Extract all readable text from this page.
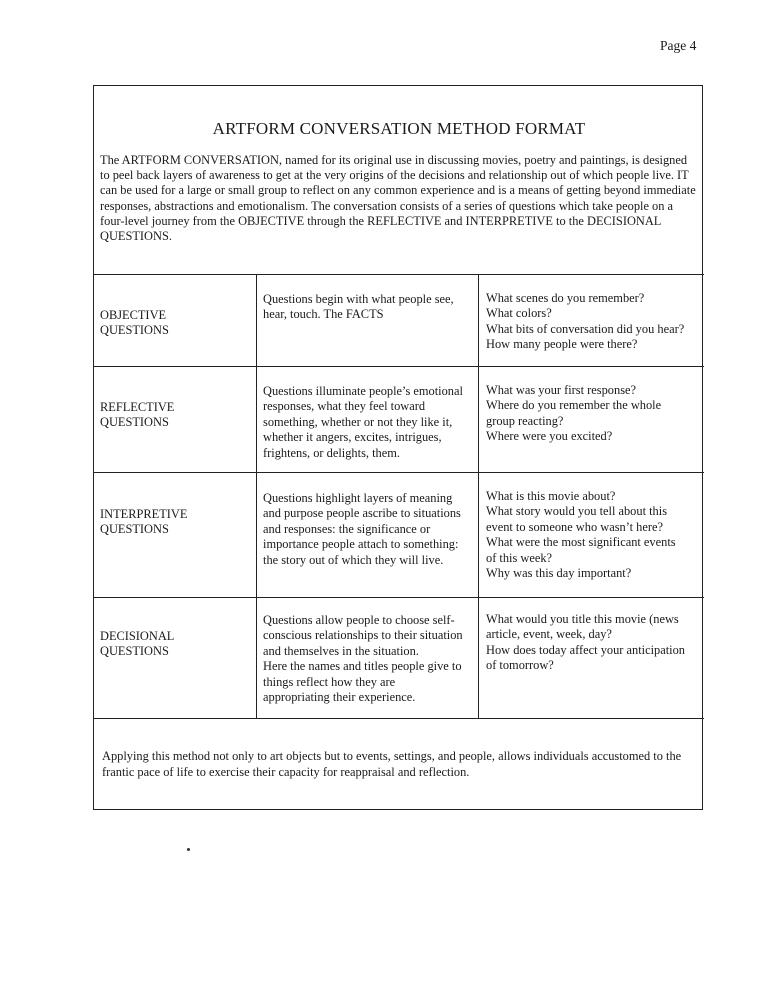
Page 4
ARTFORM CONVERSATION METHOD FORMAT
The ARTFORM CONVERSATION, named for its original use in discussing movies, poetry and paintings, is designed to peel back layers of awareness to get at the very origins of the decisions and relationship out of which people live. IT can be used for a large or small group to reflect on any common experience and is a means of getting beyond immediate responses, abstractions and emotionalism. The conversation consists of a series of questions which take people on a four-level journey from the OBJECTIVE through the REFLECTIVE and INTERPRETIVE to the DECISIONAL QUESTIONS.
OBJECTIVE
QUESTIONS
Questions begin with what people see,
hear, touch. The FACTS
What scenes do you remember?
What colors?
What bits of conversation did you hear?
How many people were there?
REFLECTIVE
QUESTIONS
Questions illuminate people’s emotional
responses, what they feel toward
something, whether or not they like it,
whether it angers, excites, intrigues,
frightens, or delights, them.
What was your first response?
Where do you remember the whole
group reacting?
Where were you excited?
INTERPRETIVE
QUESTIONS
Questions highlight layers of meaning
and purpose people ascribe to situations
and responses: the significance or
importance people attach to something:
the story out of which they will live.
What is this movie about?
What story would you tell about this
event to someone who wasn’t here?
What were the most significant events
of this week?
Why was this day important?
DECISIONAL
QUESTIONS
Questions allow people to choose self-
conscious relationships to their situation
and themselves in the situation.
Here the names and titles people give to
things reflect how they are
appropriating their experience.
What would you title this movie (news
article, event, week, day?
How does today affect your anticipation
of tomorrow?
Applying this method not only to art objects but to events, settings, and people, allows individuals accustomed to the frantic pace of life to exercise their capacity for reappraisal and reflection.
